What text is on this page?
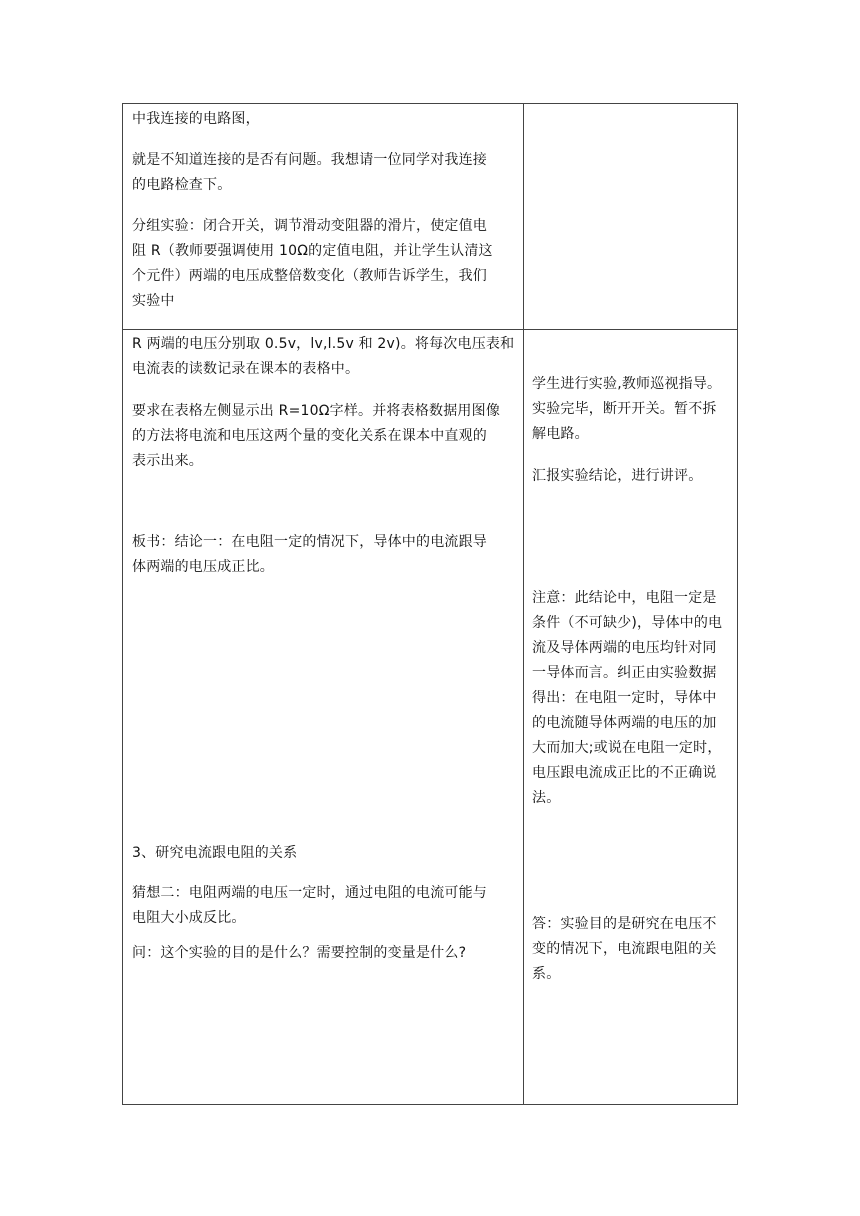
中我连接的电路图，
就是不知道连接的是否有问题。我想请一位同学对我连接
的电路检查下。
分组实验：闭合开关，调节滑动变阻器的滑片，使定值电
阻 R（教师要强调使用 10Ω的定值电阻，并让学生认清这
个元件）两端的电压成整倍数变化（教师告诉学生，我们
实验中
R 两端的电压分别取 0.5v，lv,l.5v 和 2v)。将每次电压表和
电流表的读数记录在课本的表格中。
要求在表格左侧显示出 R=10Ω字样。并将表格数据用图像
的方法将电流和电压这两个量的变化关系在课本中直观的
表示出来。
板书：结论一：在电阻一定的情况下，导体中的电流跟导
体两端的电压成正比。
3、研究电流跟电阻的关系
猜想二：电阻两端的电压一定时，通过电阻的电流可能与
电阻大小成反比。
问：这个实验的目的是什么？需要控制的变量是什么?
学生进行实验,教师巡视指导。
实验完毕，断开开关。暂不拆
解电路。
汇报实验结论，进行讲评。
注意：此结论中，电阻一定是
条件（不可缺少)，导体中的电
流及导体两端的电压均针对同
一导体而言。纠正由实验数据
得出：在电阻一定时，导体中
的电流随导体两端的电压的加
大而加大;或说在电阻一定时，
电压跟电流成正比的不正确说
法。
答：实验目的是研究在电压不
变的情况下，电流跟电阻的关
系。
